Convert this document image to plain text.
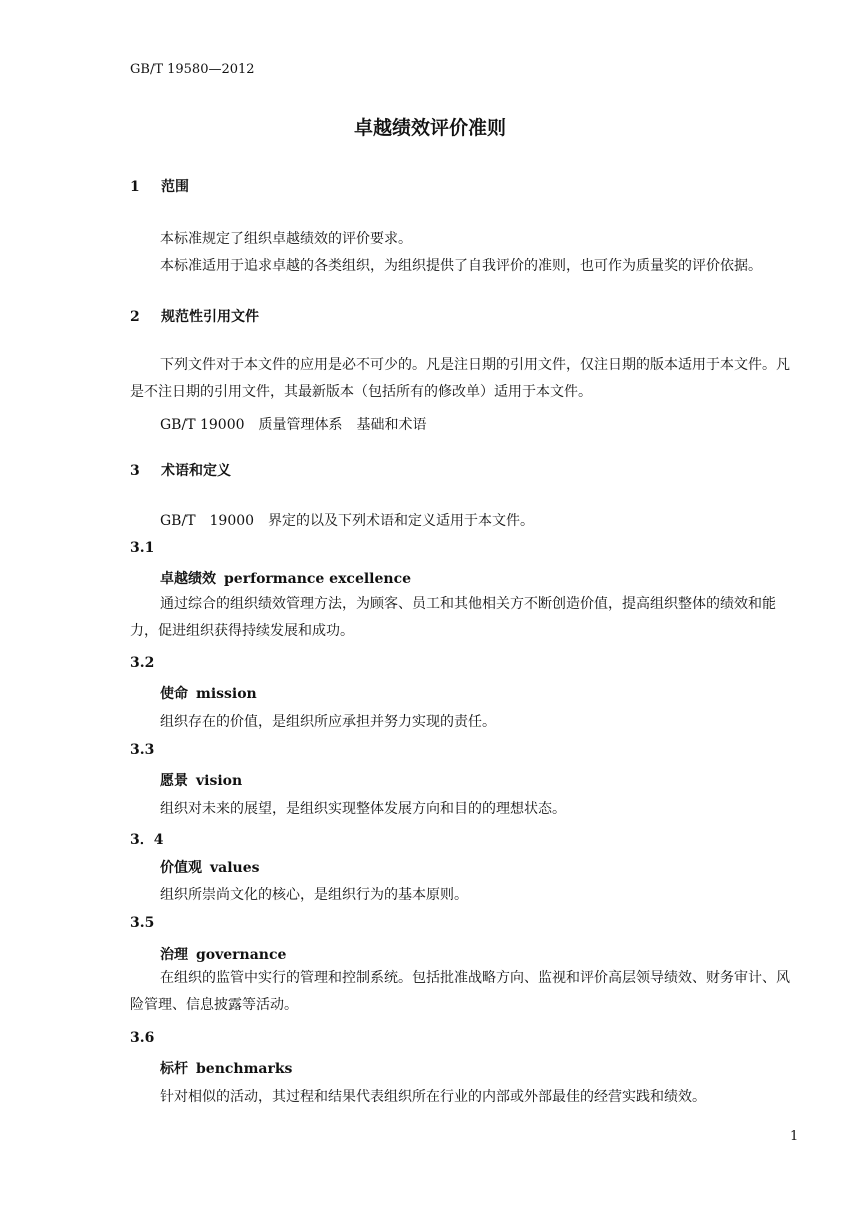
GB/T 19580—2012
卓越绩效评价准则
1 范围
本标准规定了组织卓越绩效的评价要求。
本标准适用于追求卓越的各类组织，为组织提供了自我评价的准则，也可作为质量奖的评价依据。
2 规范性引用文件

下列文件对于本文件的应用是必不可少的。凡是注日期的引用文件，仅注日期的版本适用于本文件。凡是不注日期的引用文件，其最新版本（包括所有的修改单）适用于本文件。

GB/T 19000　质量管理体系　基础和术语
3 术语和定义
GB/T　19000　界定的以及下列术语和定义适用于本文件。
3.1
卓越绩效 performance excellence

通过综合的组织绩效管理方法，为顾客、员工和其他相关方不断创造价值，提高组织整体的绩效和能力，促进组织获得持续发展和成功。

3.2
使命 mission
组织存在的价值，是组织所应承担并努力实现的责任。
3.3
愿景 vision
组织对未来的展望，是组织实现整体发展方向和目的的理想状态。
3．4
价值观 values
组织所崇尚文化的核心，是组织行为的基本原则。
3.5
治理 governance

在组织的监管中实行的管理和控制系统。包括批准战略方向、监视和评价高层领导绩效、财务审计、风险管理、信息披露等活动。

3.6
标杆 benchmarks
针对相似的活动，其过程和结果代表组织所在行业的内部或外部最佳的经营实践和绩效。
1
